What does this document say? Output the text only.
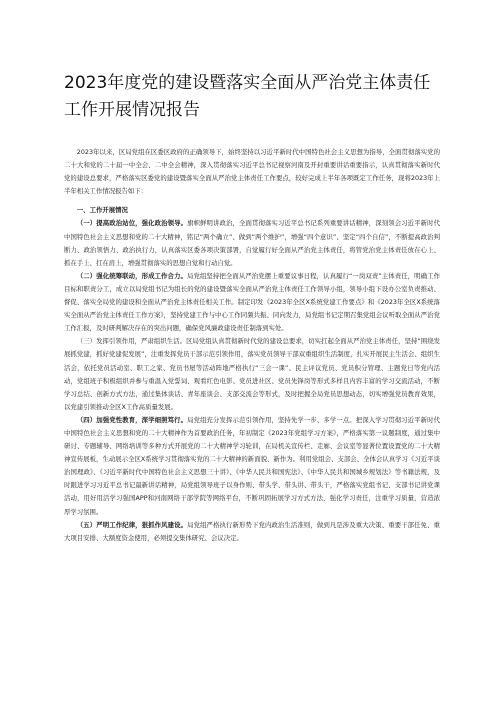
2023年度党的建设暨落实全面从严治党主体责任工作开展情况报告

2023年以来，区局党组在区委区政府的正确领导下，始终坚持以习近平新时代中国特色社会主义思想为指导，全面贯彻落实党的二十大和党的二十届一中全会、二中全会精神，深入贯彻落实习近平总书记视察河南及开封重要讲话重要指示，认真贯彻落实新时代党的建设总要求，严格落实区委党的建设暨落实全面从严治党主体责任工作要点，较好完成上半年各项既定工作任务，现将2023年上半年相关工作情况报告如下：

一、工作开展情况

（一）提高政治站位，强化政治领导。旗帜鲜明讲政治，全面贯彻落实习近平总书记系列重要讲话精神，深刻领会习近平新时代中国特色社会主义思想和党的二十大精神，铭记“两个确立”、做到“两个维护”，增强“四个意识”、坚定“四个自信”，不断提高政治判断力、政治领悟力、政治执行力，认真落实区委各项决策部署，自觉履行好全面从严治党主体责任，将管党治党主体责任放在心上、抓在手上、扛在肩上，增强贯彻落实的思想自觉和行动自觉。

（二）强化统筹联动，形成工作合力。局党组坚持把全面从严治党摆上重要议事日程，认真履行“一岗双责”主体责任，明确工作目标和职责分工，成立以局党组书记为组长的党的建设暨落实全面从严治党主体责任工作领导小组，领导小组下设办公室负责推动、督促、落实全局党的建设和全面从严治党主体责任相关工作。制定印发《2023年全区X系统党建工作要点》和《2023年全区X系统落实全面从严治党主体责任工作方案》，坚持党建工作与中心工作同频共振、同向发力，局党组书记定期召集党组会议听取全面从严治党工作汇报，及时研判解决存在的突出问题，确保党风廉政建设责任制落到实处。

（三）发挥引领作用，严肃组织生活。区局党组认真贯彻新时代党的建设总要求，切实扛起全面从严治党主体责任，坚持“围绕发展抓党建，抓好党建促发展”，注重发挥党员干部示范引领作用，落实党员领导干部双重组织生活制度，扎实开展民主生活会、组织生活会，依托党员活动室、职工之家、党员书屋等活动阵地严格执行“三会一课”、民主评议党员、党员积分管理、主题党日等党内活动，党组班子积极组织并参与重温入党誓词、观看红色电影、党员进社区、党员先锋岗等形式多样且内容丰富的学习交流活动，不断学习总结、创新方式方法，通过集体谈话、青年座谈会、支部交流会等形式，及时把握全局党员思想动态，切实增强党员教育效果，以党建引领推动全区X工作高质量发展。

（四）加强党性教育，深学细照笃行。局党组充分发挥示范引领作用，坚持先学一步、多学一点。把深入学习贯彻习近平新时代中国特色社会主义思想和党的二十大精神作为首要政治任务，年初制定《2023年党组学习方案》，严格落实第一议题制度，通过集中研讨、专题辅导、网络培训等多种方式开展党的二十大精神学习轮训，在局机关宣传栏、走廊、会议室等显著位置设置党的二十大精神宣传展板，生动展示全区X系统学习贯彻落实党的二十大精神的新面貌、新作为。利用党组会、支部会、全体会认真学习《习近平谈治国理政》、《习近平新时代中国特色社会主义思想三十讲》、《中华人民共和国宪法》、《中华人民共和国城乡规划法》等书籍法规，及时跟进学习习近平总书记最新讲话精神，局党组领导班子以身作则、带头学、带头讲、带头干，严格落实党组书记、支部书记讲党课活动，用好用活学习强国APP和河南网络干部学院等网络平台，不断巩固拓展学习方式方法，强化学习责任，注重学习质量，营造浓厚学习氛围。

（五）严明工作纪律，狠抓作风建设。局党组严格执行新形势下党内政治生活准则，做到凡是涉及重大决策、重要干部任免、重大项目安排、大额度资金使用，必须提交集体研究、会议决定。
